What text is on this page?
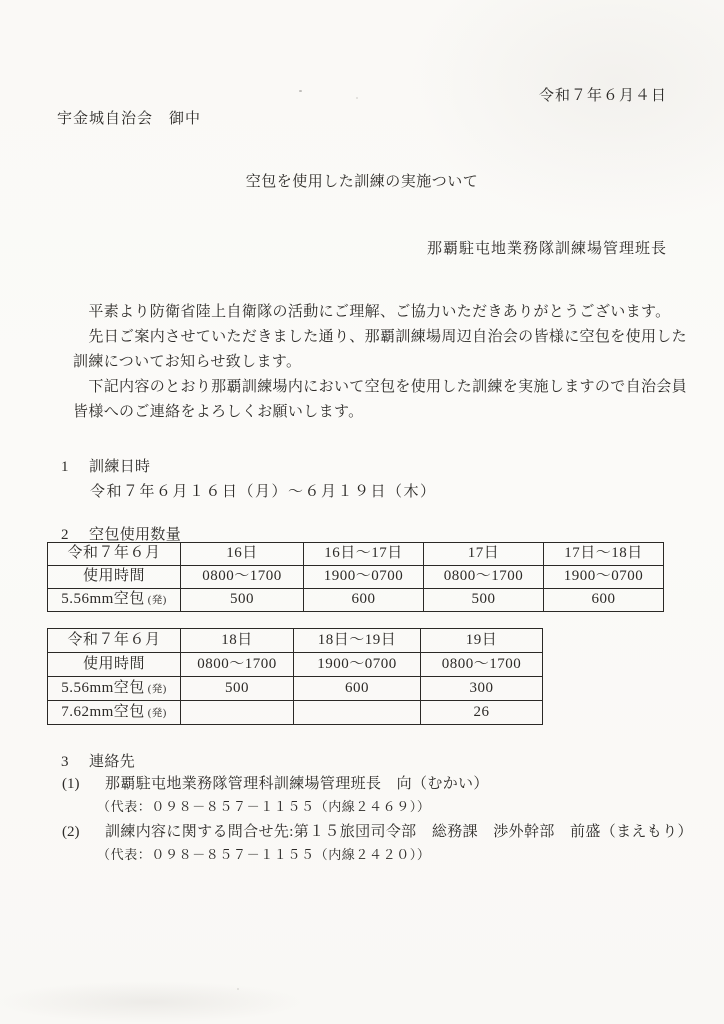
令和７年６月４日
宇金城自治会　御中
空包を使用した訓練の実施ついて
那覇駐屯地業務隊訓練場管理班長
　平素より防衛省陸上自衛隊の活動にご理解、ご協力いただきありがとうございます。
　先日ご案内させていただきました通り、那覇訓練場周辺自治会の皆様に空包を使用した
訓練についてお知らせ致します。
　下記内容のとおり那覇訓練場内において空包を使用した訓練を実施しますので自治会員
皆様へのご連絡をよろしくお願いします。
1 訓練日時
令和７年６月１６日（月）～６月１９日（木）
2 空包使用数量
令和７年６月	16日	16日～17日	17日	17日～18日
使用時間	0800～1700	1900～0700	0800～1700	1900～0700
5.56mm空包 (発)	500	600	500	600
令和７年６月	18日	18日～19日	19日
使用時間	0800～1700	1900～0700	0800～1700
5.56mm空包 (発)	500	600	300
7.62mm空包 (発)			26
3 連絡先
(1) 那覇駐屯地業務隊管理科訓練場管理班長　向（むかい）
（代表：０９８－８５７－１１５５（内線２４６９））
(2) 訓練内容に関する問合せ先:第１５旅団司令部　総務課　渉外幹部　前盛（まえもり）
（代表：０９８－８５７－１１５５（内線２４２０））
